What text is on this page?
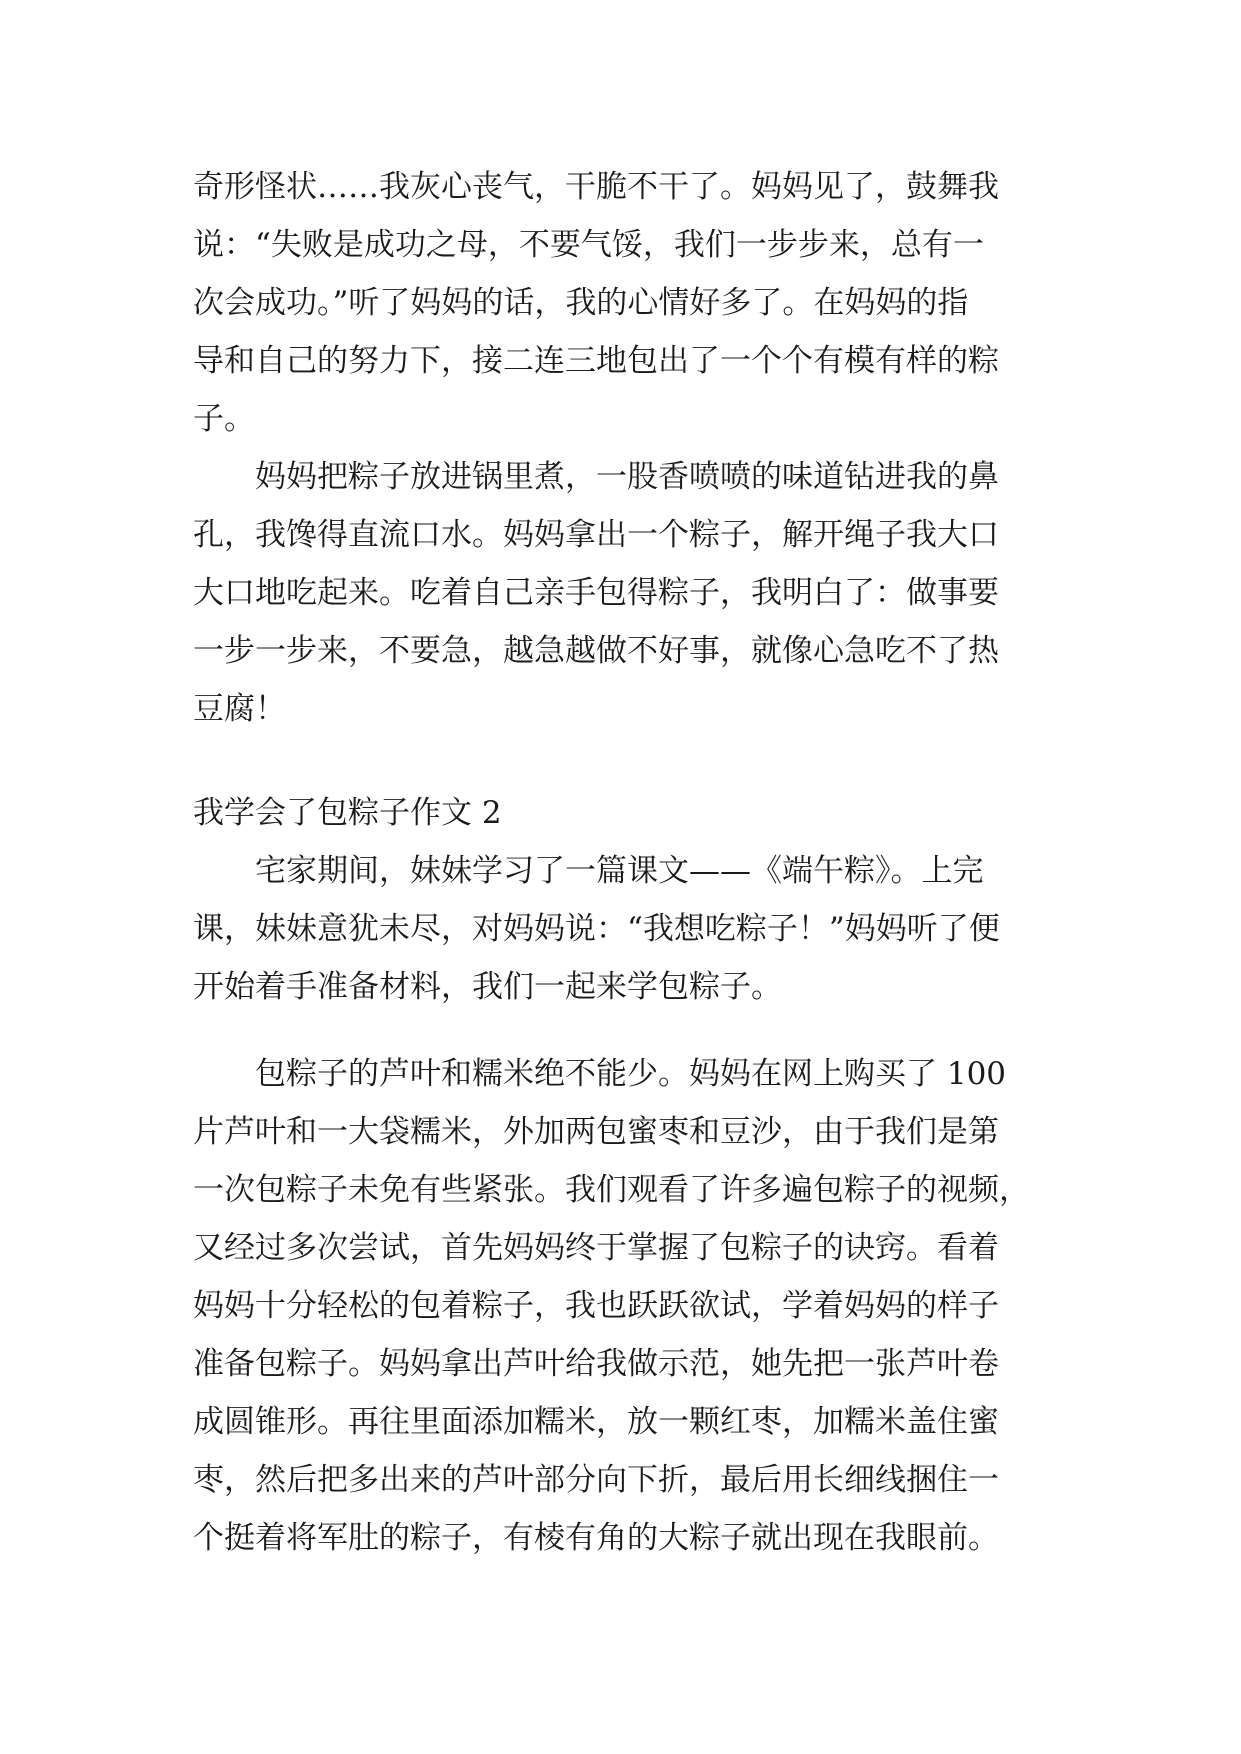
奇形怪状……我灰心丧气，干脆不干了。妈妈见了，鼓舞我
说：“失败是成功之母，不要气馁，我们一步步来，总有一
次会成功。”听了妈妈的话，我的心情好多了。在妈妈的指
导和自己的努力下，接二连三地包出了一个个有模有样的粽
子。
　　妈妈把粽子放进锅里煮，一股香喷喷的味道钻进我的鼻
孔，我馋得直流口水。妈妈拿出一个粽子，解开绳子我大口
大口地吃起来。吃着自己亲手包得粽子，我明白了：做事要
一步一步来，不要急，越急越做不好事，就像心急吃不了热
豆腐！
我学会了包粽子作文 2
　　宅家期间，妹妹学习了一篇课文——《端午粽》。上完
课，妹妹意犹未尽，对妈妈说：“我想吃粽子！”妈妈听了便
开始着手准备材料，我们一起来学包粽子。
　　包粽子的芦叶和糯米绝不能少。妈妈在网上购买了 100
片芦叶和一大袋糯米，外加两包蜜枣和豆沙，由于我们是第
一次包粽子未免有些紧张。我们观看了许多遍包粽子的视频，
又经过多次尝试，首先妈妈终于掌握了包粽子的诀窍。看着
妈妈十分轻松的包着粽子，我也跃跃欲试，学着妈妈的样子
准备包粽子。妈妈拿出芦叶给我做示范，她先把一张芦叶卷
成圆锥形。再往里面添加糯米，放一颗红枣，加糯米盖住蜜
枣，然后把多出来的芦叶部分向下折，最后用长细线捆住一
个挺着将军肚的粽子，有棱有角的大粽子就出现在我眼前。
